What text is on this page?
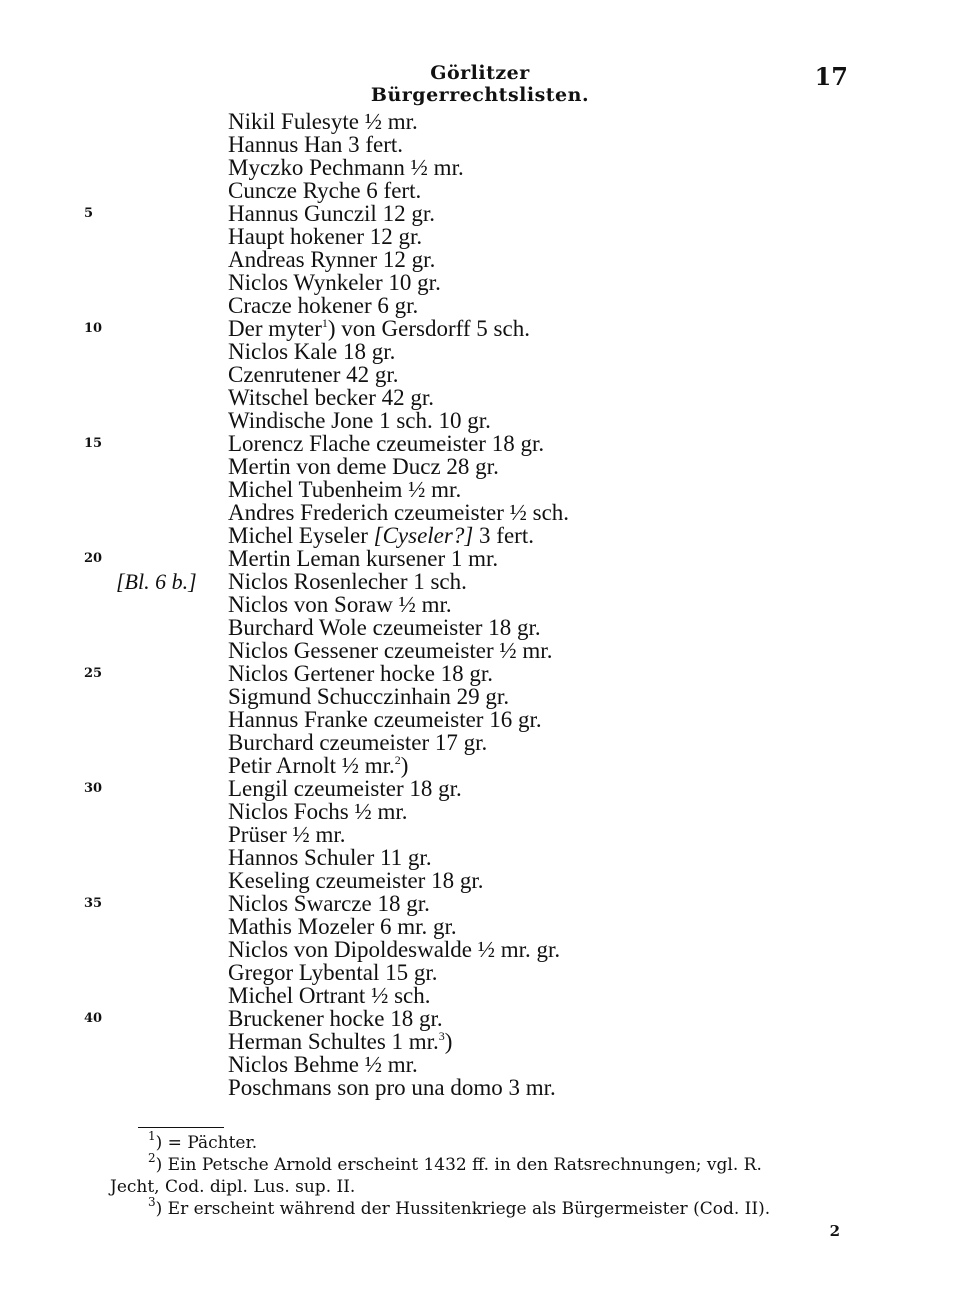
Görlitzer Bürgerrechtslisten.
17
Nikil Fulesyte ½ mr.
Hannus Han 3 fert.
Myczko Pechmann ½ mr.
Cuncze Ryche 6 fert.
Hannus Gunczil 12 gr.
Haupt hokener 12 gr.
Andreas Rynner 12 gr.
Niclos Wynkeler 10 gr.
Cracze hokener 6 gr.
Der myter$^1$) von Gersdorff 5 sch.
Niclos Kale 18 gr.
Czenrutener 42 gr.
Witschel becker 42 gr.
Windische Jone 1 sch. 10 gr.
Lorencz Flache czeumeister 18 gr.
Mertin von deme Ducz 28 gr.
Michel Tubenheim ½ mr.
Andres Frederich czeumeister ½ sch.
Michel Eyseler [Cyseler?] 3 fert.
Mertin Leman kursener 1 mr.
Niclos Rosenlecher 1 sch.
Niclos von Soraw ½ mr.
Burchard Wole czeumeister 18 gr.
Niclos Gessener czeumeister ½ mr.
Niclos Gertener hocke 18 gr.
Sigmund Schucczinhain 29 gr.
Hannus Franke czeumeister 16 gr.
Burchard czeumeister 17 gr.
Petir Arnolt ½ mr.$^2$)
Lengil czeumeister 18 gr.
Niclos Fochs ½ mr.
Prüser ½ mr.
Hannos Schuler 11 gr.
Keseling czeumeister 18 gr.
Niclos Swarcze 18 gr.
Mathis Mozeler 6 mr. gr.
Niclos von Dipoldeswalde ½ mr. gr.
Gregor Lybental 15 gr.
Michel Ortrant ½ sch.
Bruckener hocke 18 gr.
Herman Schultes 1 mr.$^3$)
Niclos Behme ½ mr.
Poschmans son pro una domo 3 mr.
5
10
15
20
25
30
35
40
[Bl. 6 b.]
$^1$) = Pächter.
$^2$) Ein Petsche Arnold erscheint 1432 ff. in den Ratsrechnungen; vgl. R.
Jecht, Cod. dipl. Lus. sup. II.
$^3$) Er erscheint während der Hussitenkriege als Bürgermeister (Cod. II).
2
